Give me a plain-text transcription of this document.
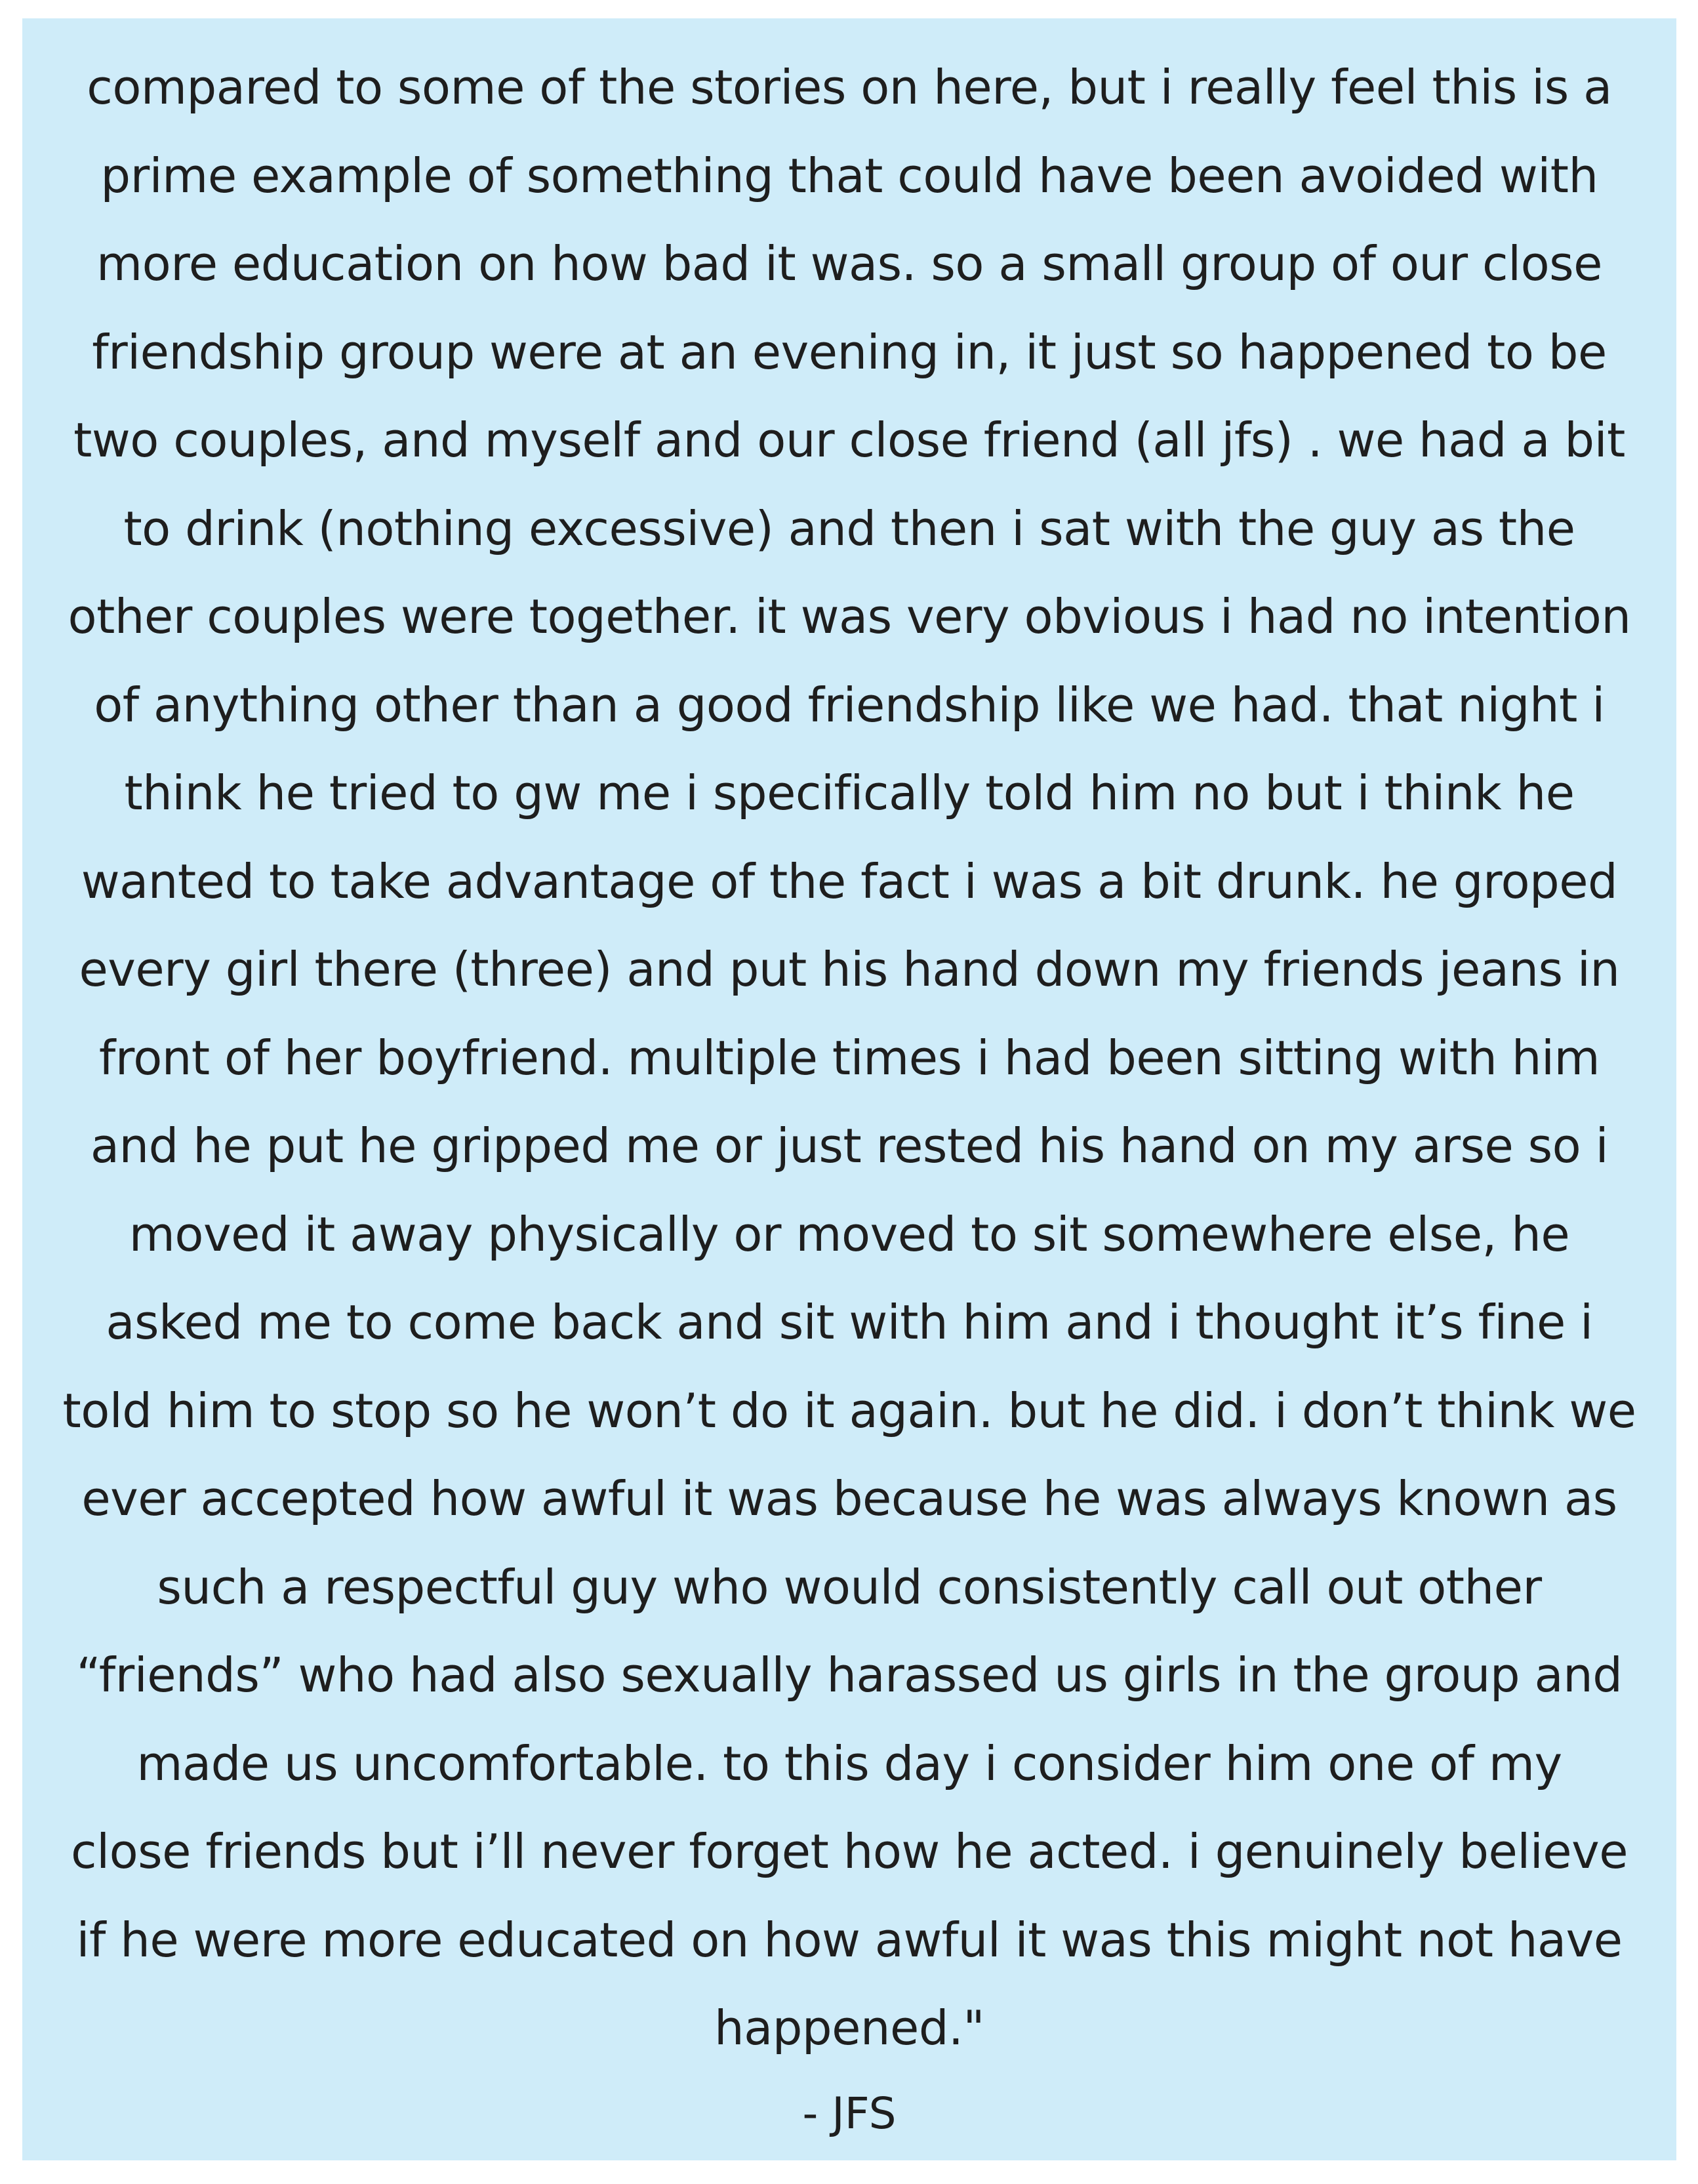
compared to some of the stories on here, but i really feel this is a
prime example of something that could have been avoided with
more education on how bad it was. so a small group of our close
friendship group were at an evening in, it just so happened to be
two couples, and myself and our close friend (all jfs) . we had a bit
to drink (nothing excessive) and then i sat with the guy as the
other couples were together. it was very obvious i had no intention
of anything other than a good friendship like we had. that night i
think he tried to gw me i specifically told him no but i think he
wanted to take advantage of the fact i was a bit drunk. he groped
every girl there (three) and put his hand down my friends jeans in
front of her boyfriend. multiple times i had been sitting with him
and he put he gripped me or just rested his hand on my arse so i
moved it away physically or moved to sit somewhere else, he
asked me to come back and sit with him and i thought it’s fine i
told him to stop so he won’t do it again. but he did. i don’t think we
ever accepted how awful it was because he was always known as
such a respectful guy who would consistently call out other
“friends” who had also sexually harassed us girls in the group and
made us uncomfortable. to this day i consider him one of my
close friends but i’ll never forget how he acted. i genuinely believe
if he were more educated on how awful it was this might not have
happened."
- JFS
